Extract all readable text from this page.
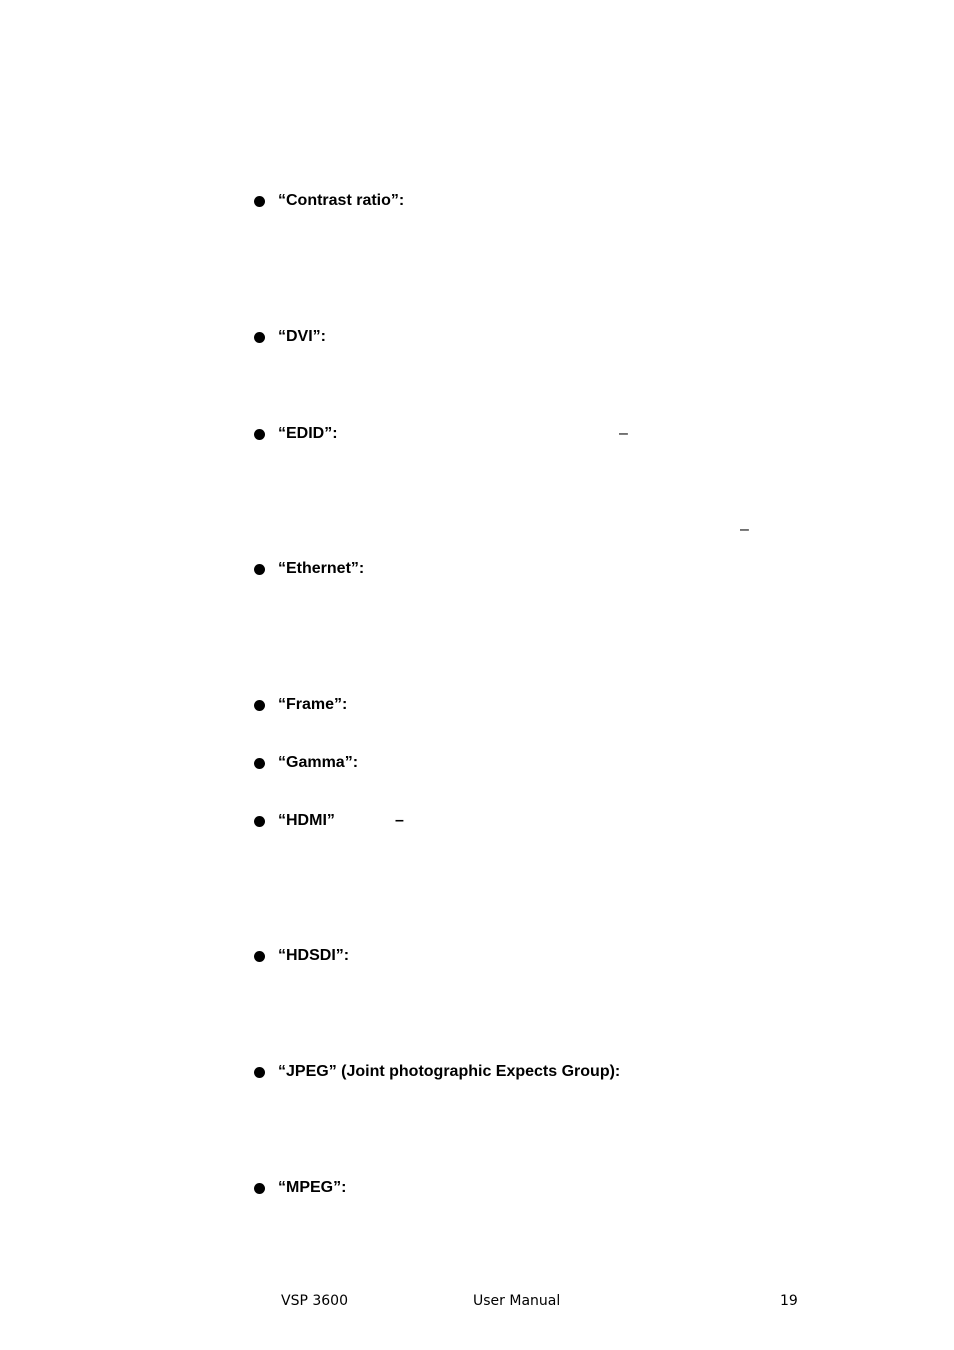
“Contrast ratio”:
“DVI”:
“EDID”:	–
–
“Ethernet”:
“Frame”:
“Gamma”:
“HDMI”	–
“HDSDI”:
“JPEG” (Joint photographic Expects Group):
“MPEG”:
VSP 3600	User Manual	19
